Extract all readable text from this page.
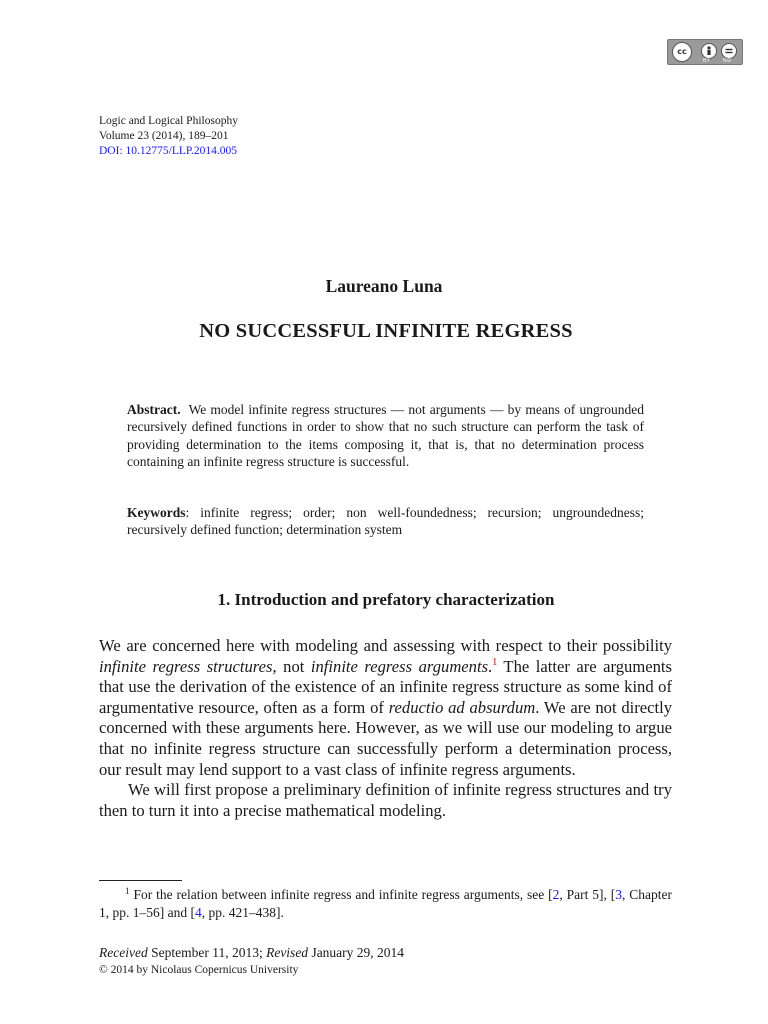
cc
BY	ND
Logic and Logical Philosophy
Volume 23 (2014), 189–201
DOI: 10.12775/LLP.2014.005
Laureano Luna
NO SUCCESSFUL INFINITE REGRESS
Abstract. We model infinite regress structures — not arguments — by means of ungrounded recursively defined functions in order to show that no such structure can perform the task of providing determination to the items composing it, that is, that no determination process containing an infinite regress structure is successful.
Keywords: infinite regress; order; non well-foundedness; recursion; ungroundedness; recursively defined function; determination system
1. Introduction and prefatory characterization

We are concerned here with modeling and assessing with respect to their possibility infinite regress structures, not infinite regress arguments.$^1$ The latter are arguments that use the derivation of the existence of an infinite regress structure as some kind of argumentative resource, often as a form of reductio ad absurdum. We are not directly concerned with these arguments here. However, as we will use our modeling to argue that no infinite regress structure can successfully perform a determination process, our result may lend support to a vast class of infinite regress arguments.

We will first propose a preliminary definition of infinite regress structures and try then to turn it into a precise mathematical modeling.

$^1$ For the relation between infinite regress and infinite regress arguments, see [2, Part 5], [3, Chapter 1, pp. 1–56] and [4, pp. 421–438].
Received September 11, 2013; Revised January 29, 2014
© 2014 by Nicolaus Copernicus University
